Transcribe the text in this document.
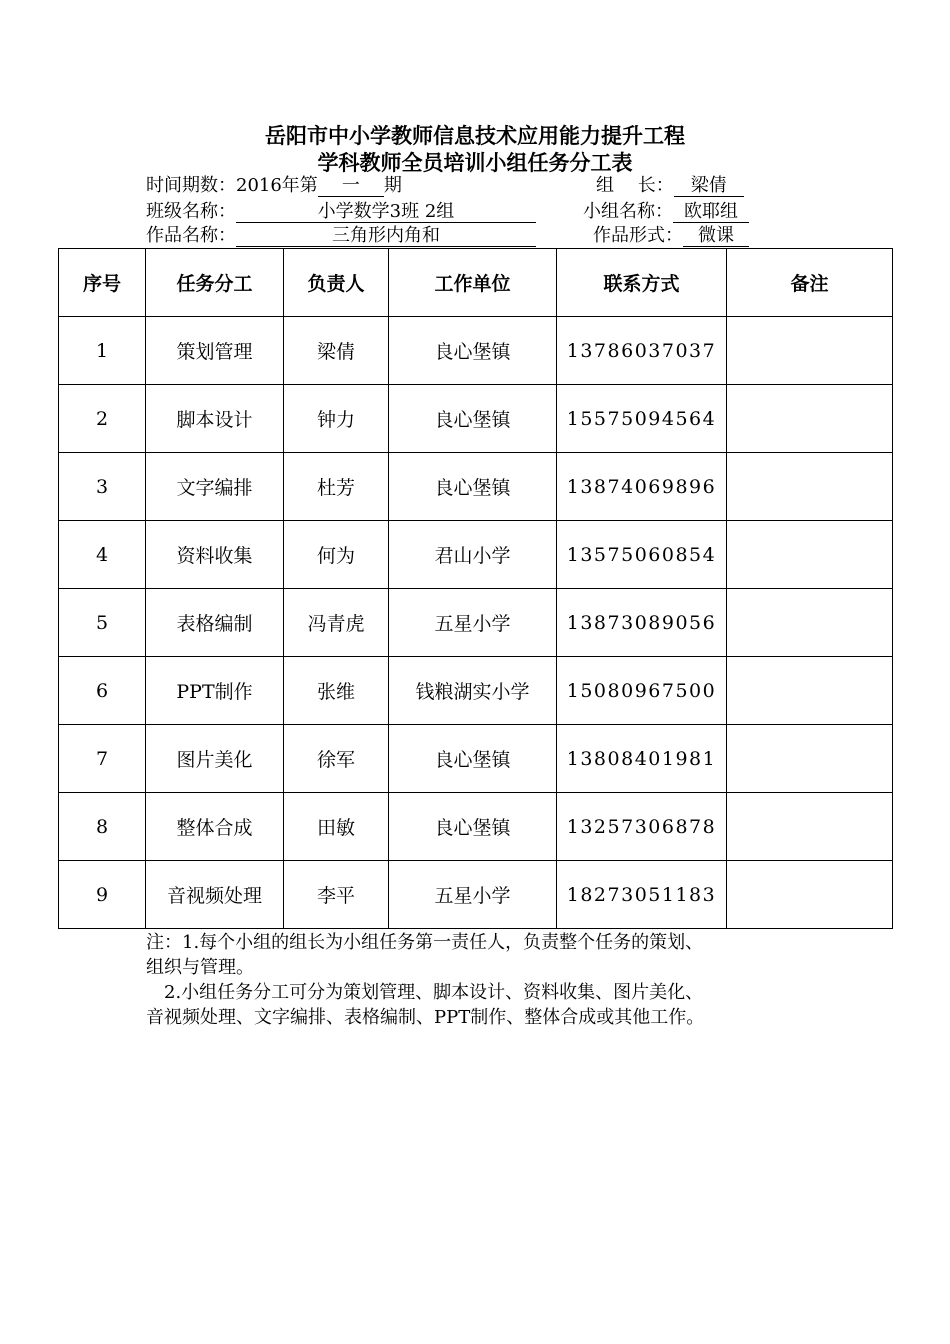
岳阳市中小学教师信息技术应用能力提升工程
学科教师全员培训小组任务分工表
时间期数：2016年第 一 期	组　 长： 梁倩
班级名称：	小学数学3班 2组	小组名称： 欧耶组
作品名称：	三角形内角和	作品形式： 微课
序号	任务分工	负责人	工作单位	联系方式	备注
1	策划管理	梁倩	良心堡镇	13786037037	
2	脚本设计	钟力	良心堡镇	15575094564	
3	文字编排	杜芳	良心堡镇	13874069896	
4	资料收集	何为	君山小学	13575060854	
5	表格编制	冯青虎	五星小学	13873089056	
6	PPT制作	张维	钱粮湖实小学	15080967500	
7	图片美化	徐军	良心堡镇	13808401981	
8	整体合成	田敏	良心堡镇	13257306878	
9	音视频处理	李平	五星小学	18273051183	

注：1.每个小组的组长为小组任务第一责任人，负责整个任务的策划、

组织与管理。

　2.小组任务分工可分为策划管理、脚本设计、资料收集、图片美化、

音视频处理、文字编排、表格编制、PPT制作、整体合成或其他工作。
